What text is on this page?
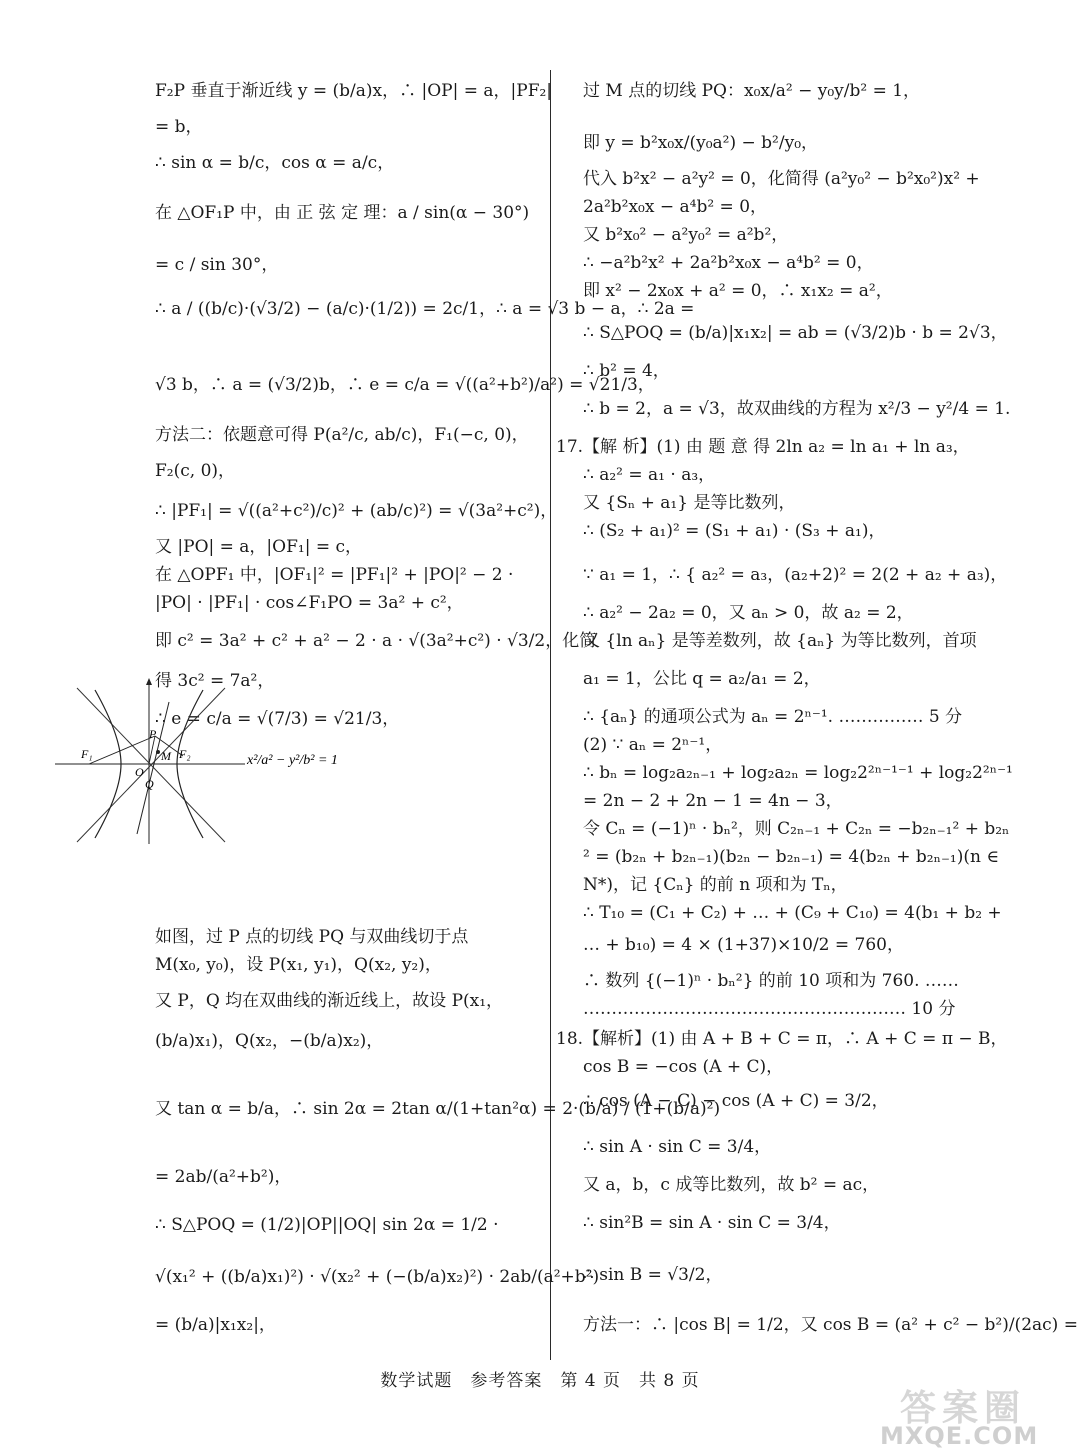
F₂P 垂直于渐近线 y = (b/a)x，∴ |OP| = a，|PF₂|
= b，
∴ sin α = b/c，cos α = a/c，
在 △OF₁P 中，由 正 弦 定 理：a / sin(α − 30°)
= c / sin 30°，
∴ a / ((b/c)·(√3/2) − (a/c)·(1/2)) = 2c/1，∴ a = √3 b − a，∴ 2a =
√3 b，∴ a = (√3/2)b，∴ e = c/a = √((a²+b²)/a²) = √21/3，
方法二：依题意可得 P(a²/c, ab/c)，F₁(−c, 0)，
F₂(c, 0)，
∴ |PF₁| = √((a²+c²)/c)² + (ab/c)²) = √(3a²+c²)，
又 |PO| = a，|OF₁| = c，
在 △OPF₁ 中，|OF₁|² = |PF₁|² + |PO|² − 2 ·
|PO| · |PF₁| · cos∠F₁PO = 3a² + c²，
即 c² = 3a² + c² + a² − 2 · a · √(3a²+c²) · √3/2，化简
得 3c² = 7a²，
∴ e = c/a = √(7/3) = √21/3，
如图，过 P 点的切线 PQ 与双曲线切于点
M(x₀, y₀)，设 P(x₁, y₁)，Q(x₂, y₂)，
又 P，Q 均在双曲线的渐近线上，故设 P(x₁，
(b/a)x₁)，Q(x₂，−(b/a)x₂)，
又 tan α = b/a，∴ sin 2α = 2tan α/(1+tan²α) = 2·(b/a) / (1+(b/a)²)
= 2ab/(a²+b²)，
∴ S△POQ = (1/2)|OP||OQ| sin 2α = 1/2 ·
√(x₁² + ((b/a)x₁)²) · √(x₂² + (−(b/a)x₂)²) · 2ab/(a²+b²)
= (b/a)|x₁x₂|，
F₁	F₂
P
M
O
Q
x²/a² − y²/b² = 1
过 M 点的切线 PQ：x₀x/a² − y₀y/b² = 1，
即 y = b²x₀x/(y₀a²) − b²/y₀，
代入 b²x² − a²y² = 0，化简得 (a²y₀² − b²x₀²)x² +
2a²b²x₀x − a⁴b² = 0，
又 b²x₀² − a²y₀² = a²b²，
∴ −a²b²x² + 2a²b²x₀x − a⁴b² = 0，
即 x² − 2x₀x + a² = 0，∴ x₁x₂ = a²，
∴ S△POQ = (b/a)|x₁x₂| = ab = (√3/2)b · b = 2√3，
∴ b² = 4，
∴ b = 2，a = √3，故双曲线的方程为 x²/3 − y²/4 = 1.
17.【解 析】(1) 由 题 意 得 2ln a₂ = ln a₁ + ln a₃，
∴ a₂² = a₁ · a₃，
又 {Sₙ + a₁} 是等比数列，
∴ (S₂ + a₁)² = (S₁ + a₁) · (S₃ + a₁)，
∵ a₁ = 1，∴ { a₂² = a₃，(a₂+2)² = 2(2 + a₂ + a₃)，
∴ a₂² − 2a₂ = 0，又 aₙ > 0，故 a₂ = 2，
又 {ln aₙ} 是等差数列，故 {aₙ} 为等比数列，首项
a₁ = 1，公比 q = a₂/a₁ = 2，
∴ {aₙ} 的通项公式为 aₙ = 2ⁿ⁻¹. …………… 5 分
(2) ∵ aₙ = 2ⁿ⁻¹，
∴ bₙ = log₂a₂ₙ₋₁ + log₂a₂ₙ = log₂2²ⁿ⁻¹⁻¹ + log₂2²ⁿ⁻¹
= 2n − 2 + 2n − 1 = 4n − 3，
令 Cₙ = (−1)ⁿ · bₙ²，则 C₂ₙ₋₁ + C₂ₙ = −b₂ₙ₋₁² + b₂ₙ
² = (b₂ₙ + b₂ₙ₋₁)(b₂ₙ − b₂ₙ₋₁) = 4(b₂ₙ + b₂ₙ₋₁)(n ∈
N*)，记 {Cₙ} 的前 n 项和为 Tₙ，
∴ T₁₀ = (C₁ + C₂) + … + (C₉ + C₁₀) = 4(b₁ + b₂ +
… + b₁₀) = 4 × (1+37)×10/2 = 760，
∴ 数列 {(−1)ⁿ · bₙ²} 的前 10 项和为 760. ……
………………………………………………… 10 分
18.【解析】(1) 由 A + B + C = π，∴ A + C = π − B，
cos B = −cos (A + C)，
∴ cos (A − C) − cos (A + C) = 3/2，
∴ sin A · sin C = 3/4，
又 a，b，c 成等比数列，故 b² = ac，
∴ sin²B = sin A · sin C = 3/4，
∴ sin B = √3/2，
方法一：∴ |cos B| = 1/2，又 cos B = (a² + c² − b²)/(2ac) =
数学试题　参考答案　第 4 页　共 8 页
答案圈
MXQE.COM
